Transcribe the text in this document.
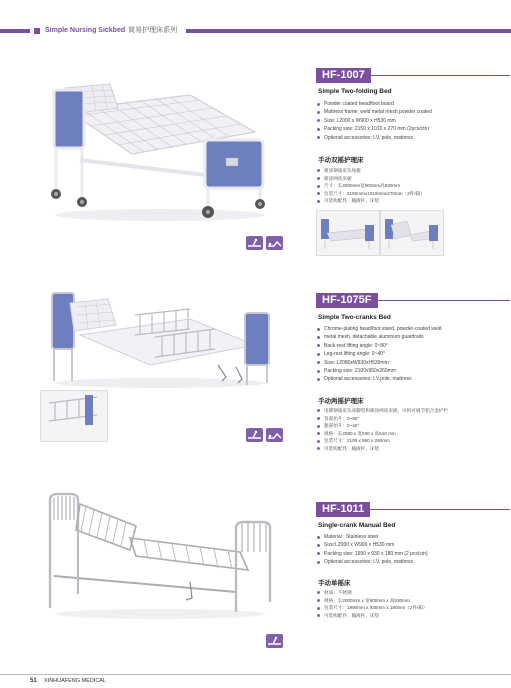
Simple Nursing Sickbed 简易护理床系列
HF-1007
Simple Two-folding Bed
Powder coated head/foot board
Mattress frame: weld metal mesh powder coated
Size: L2000 x W900 x H530 mm
Packing size: 2150 x 1010 x 270 mm (2pcs/ctn)
Optional accessories: I.V. pole, mattress
手动双摇护理床
喷涂钢质床头尾板
喷涂网状床板
尺寸：长2000mm宽900mm高530mm
包装尺寸：2150mmx1010mmx270mm（2件/箱）
可选购配件：输液杆、床垫
HF-1075F
Simple Two-cranks Bed
Chrome-plating head/foot stand, powder-coated weld
metal mesh, detachable aluminum guardrails
Back-rest lifting angle: 0~80°
Leg-rest lifting angle: 0~40°
Size: L2080xW930xH530mm
Packing size: 2100x950x260mm
Optional accessories: I.V.pole, mattress
手动两摇护理床
电镀钢质床头床脚管和喷涂网状床板、可拆可调节铝合金护栏
背部抬升：0~80°
腿部抬升：0~40°
规格：长2080 x 宽930 x 高510 mm
包装尺寸：2100 x 950 x 260mm
可选购配件：输液杆、床垫
HF-1011
Single-crank Manual Bed
Material : Stainless steel
Size:L2000 x W900 x H530 mm
Packing size: 1990 x 930 x 180 mm (2 pcs/ctn)
Optional accessories: I.V. pole, mattress
手动单摇床
材质：不锈钢
规格：长2000mm x 宽900mm x 高530mm
包装尺寸：1990mm x 930mm x 180mm（2件/箱）
可选购配件：输液杆、床垫
51 XINHUAFENG MEDICAL
